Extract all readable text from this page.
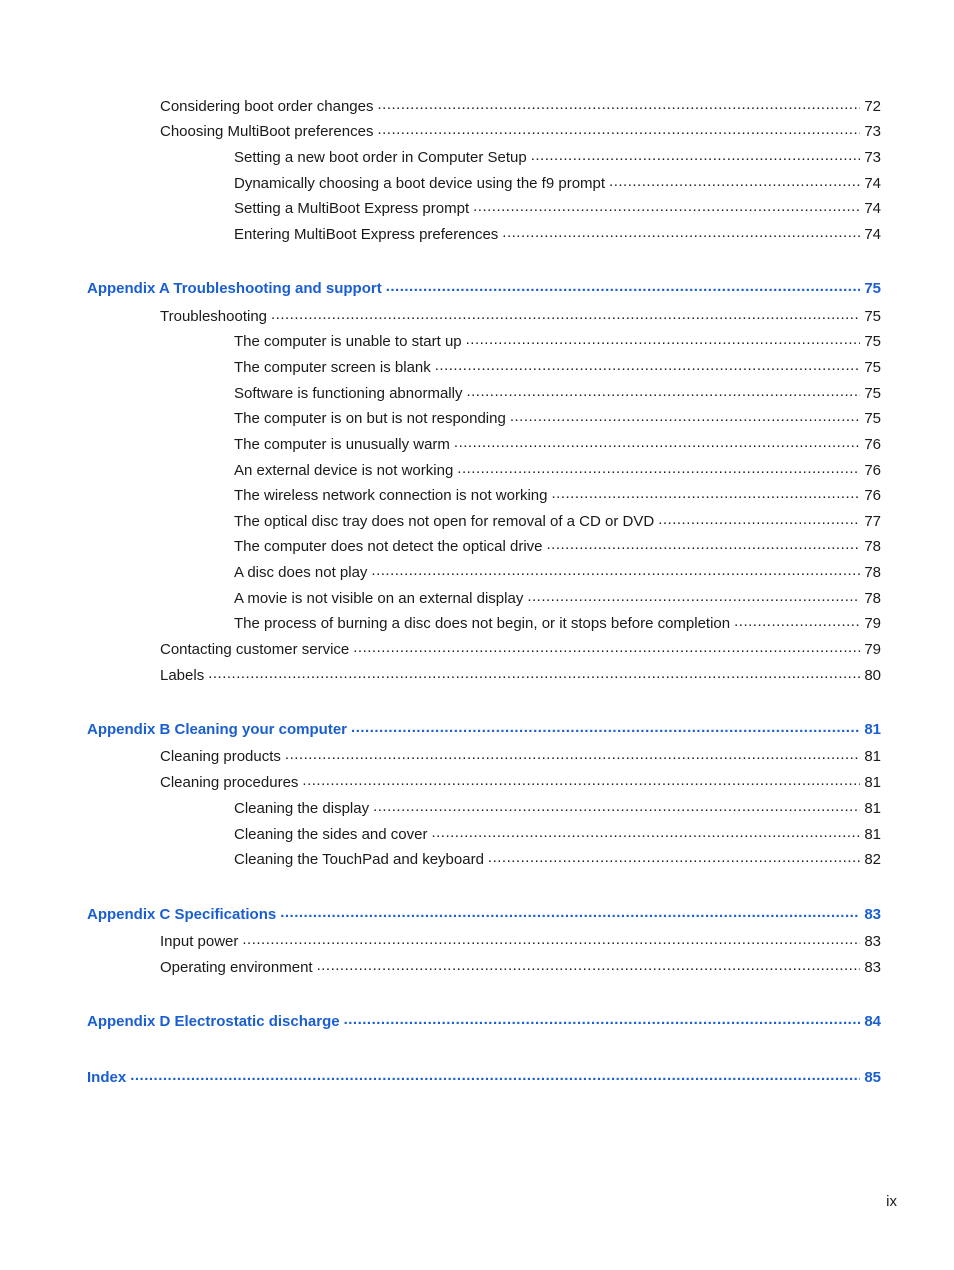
Considering boot order changes .....	72
Choosing MultiBoot preferences .....	73
Setting a new boot order in Computer Setup .....	73
Dynamically choosing a boot device using the f9 prompt .....	74
Setting a MultiBoot Express prompt .....	74
Entering MultiBoot Express preferences .....	74
Appendix A Troubleshooting and support .....	75
Troubleshooting .....	75
The computer is unable to start up .....	75
The computer screen is blank .....	75
Software is functioning abnormally .....	75
The computer is on but is not responding .....	75
The computer is unusually warm .....	76
An external device is not working .....	76
The wireless network connection is not working .....	76
The optical disc tray does not open for removal of a CD or DVD .....	77
The computer does not detect the optical drive .....	78
A disc does not play .....	78
A movie is not visible on an external display .....	78
The process of burning a disc does not begin, or it stops before completion .....	79
Contacting customer service .....	79
Labels .....	80
Appendix B Cleaning your computer .....	81
Cleaning products .....	81
Cleaning procedures .....	81
Cleaning the display .....	81
Cleaning the sides and cover .....	81
Cleaning the TouchPad and keyboard .....	82
Appendix C Specifications .....	83
Input power .....	83
Operating environment .....	83
Appendix D Electrostatic discharge .....	84
Index .....	85
ix
